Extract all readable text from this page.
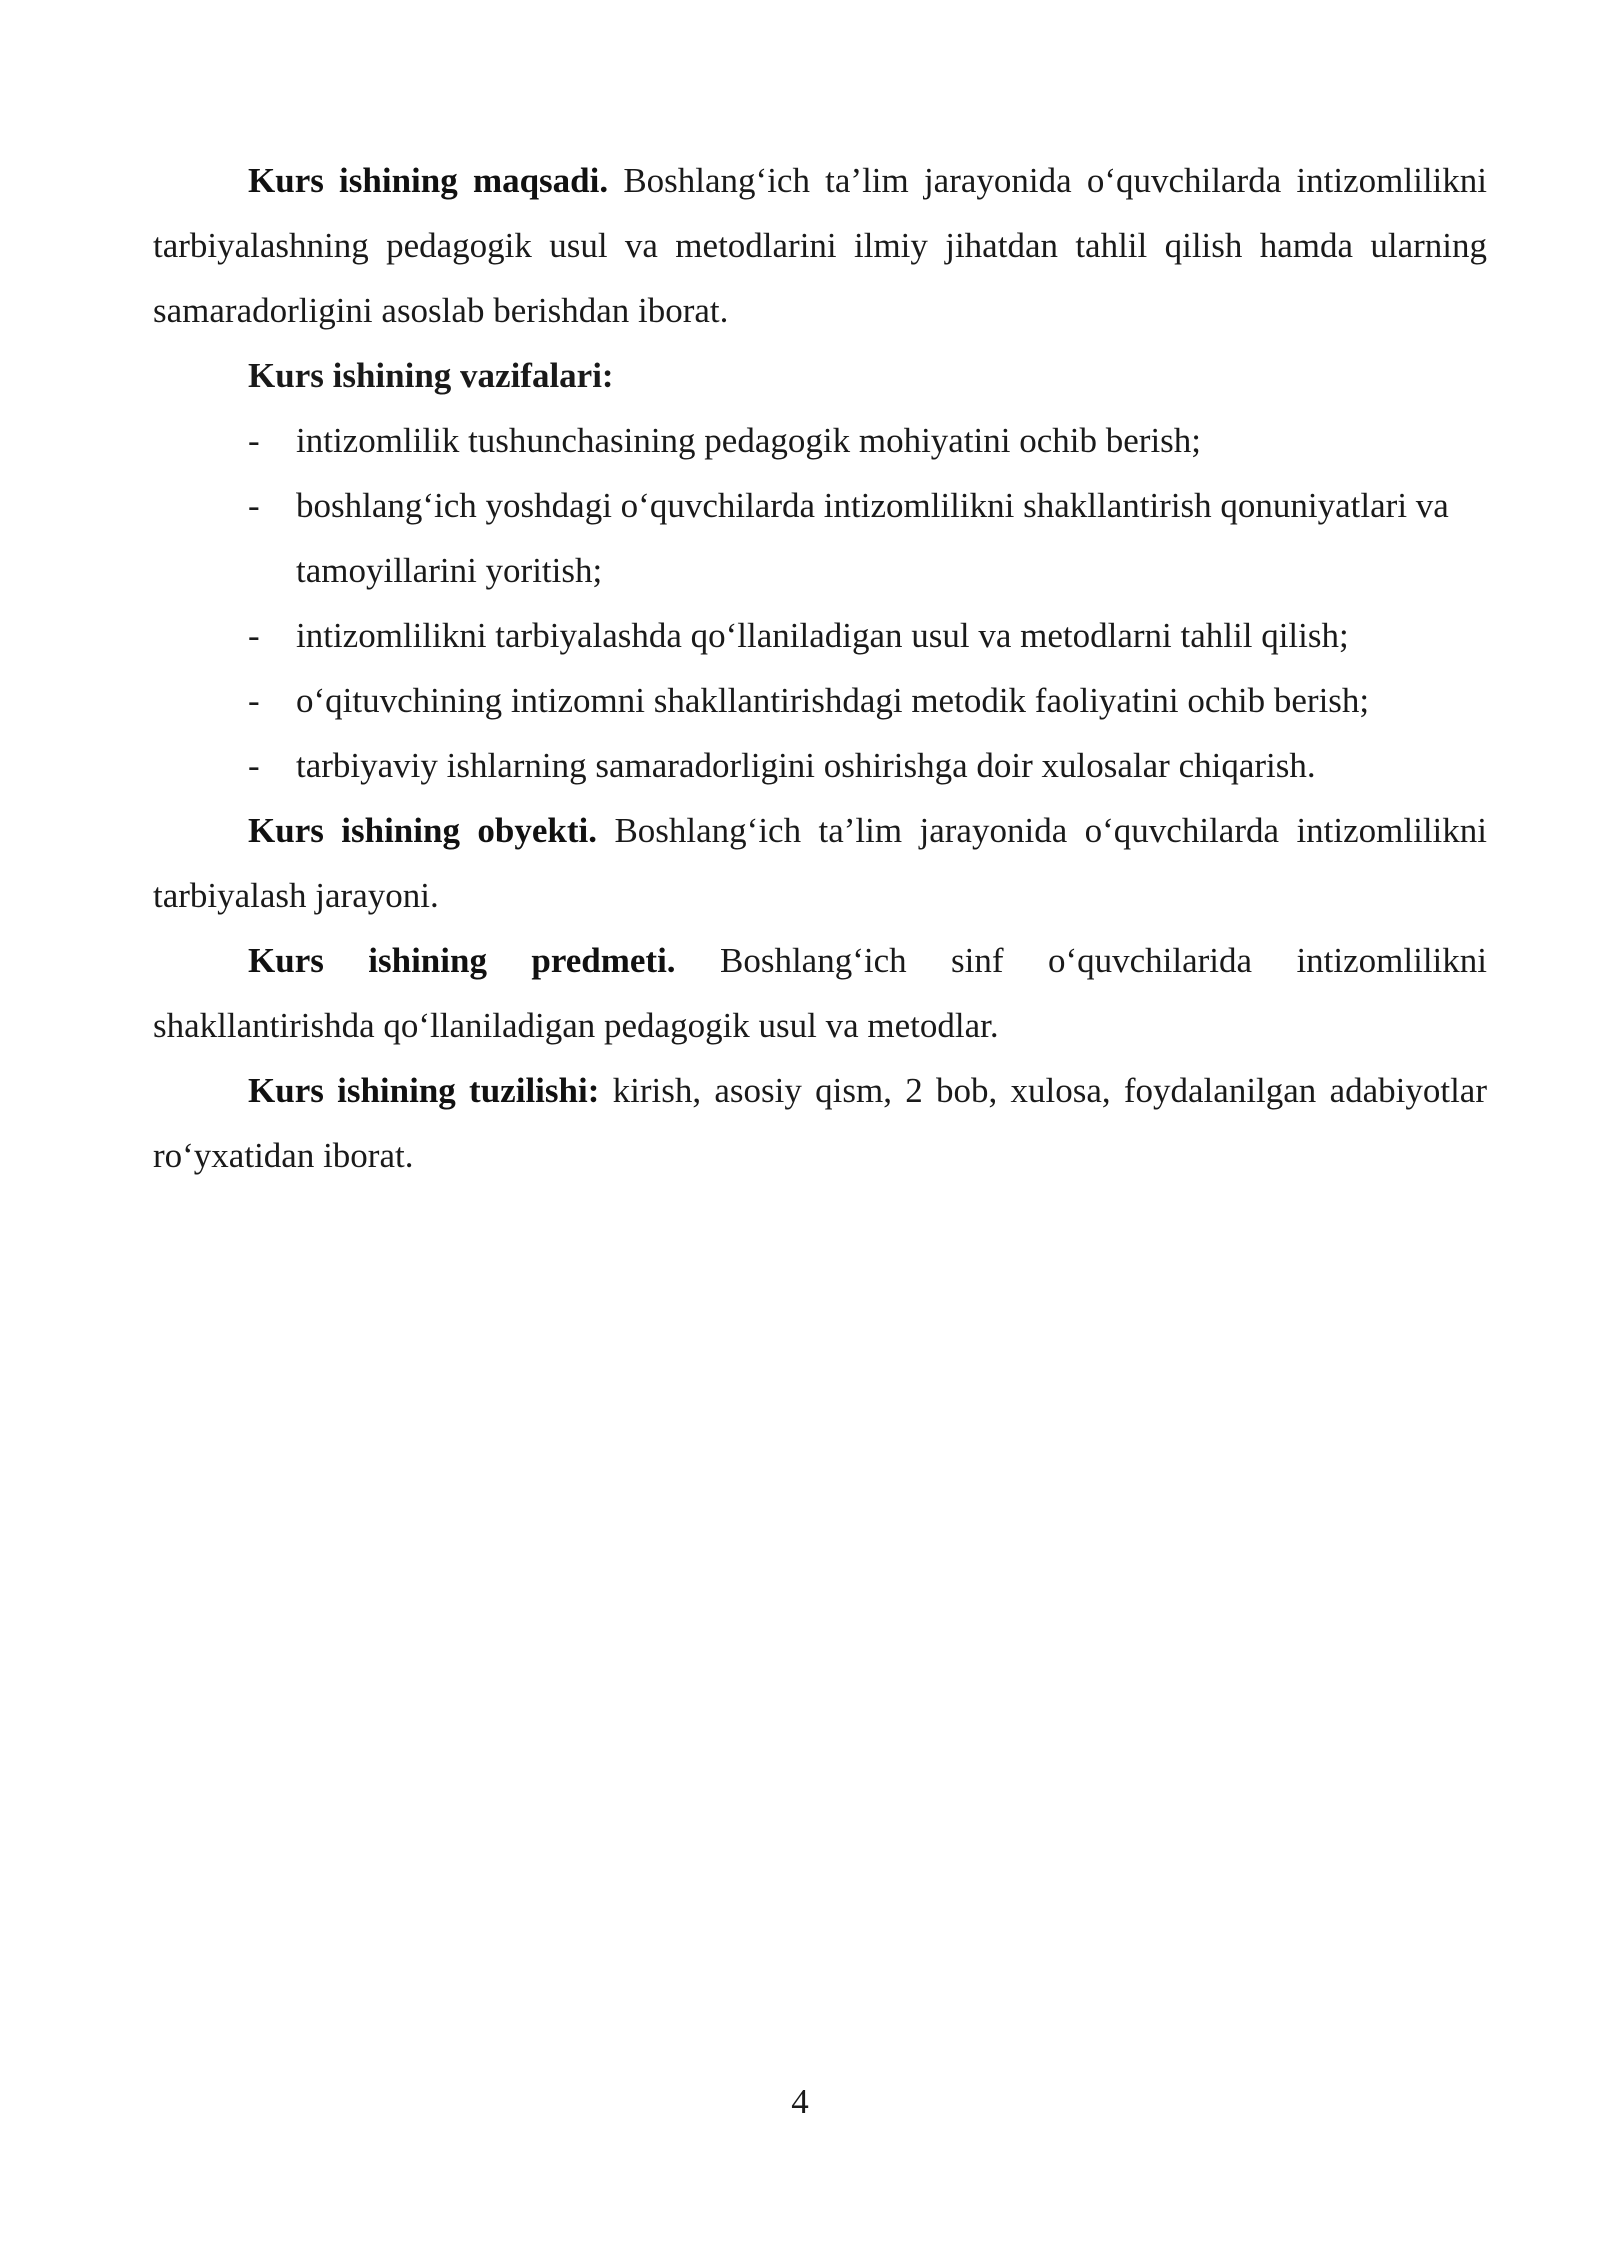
Kurs ishining maqsadi. Boshlang‘ich ta’lim jarayonida o‘quvchilarda intizomlilikni tarbiyalashning pedagogik usul va metodlarini ilmiy jihatdan tahlil qilish hamda ularning samaradorligini asoslab berishdan iborat.

Kurs ishining vazifalari:

- intizomlilik tushunchasining pedagogik mohiyatini ochib berish;
- boshlang‘ich yoshdagi o‘quvchilarda intizomlilikni shakllantirish qonuniyatlari va tamoyillarini yoritish;
- intizomlilikni tarbiyalashda qo‘llaniladigan usul va metodlarni tahlil qilish;
- o‘qituvchining intizomni shakllantirishdagi metodik faoliyatini ochib berish;
- tarbiyaviy ishlarning samaradorligini oshirishga doir xulosalar chiqarish.

Kurs ishining obyekti. Boshlang‘ich ta’lim jarayonida o‘quvchilarda intizomlilikni tarbiyalash jarayoni.

Kurs ishining predmeti. Boshlang‘ich sinf o‘quvchilarida intizomlilikni shakllantirishda qo‘llaniladigan pedagogik usul va metodlar.

Kurs ishining tuzilishi: kirish, asosiy qism, 2 bob, xulosa, foydalanilgan adabiyotlar ro‘yxatidan iborat.

4
